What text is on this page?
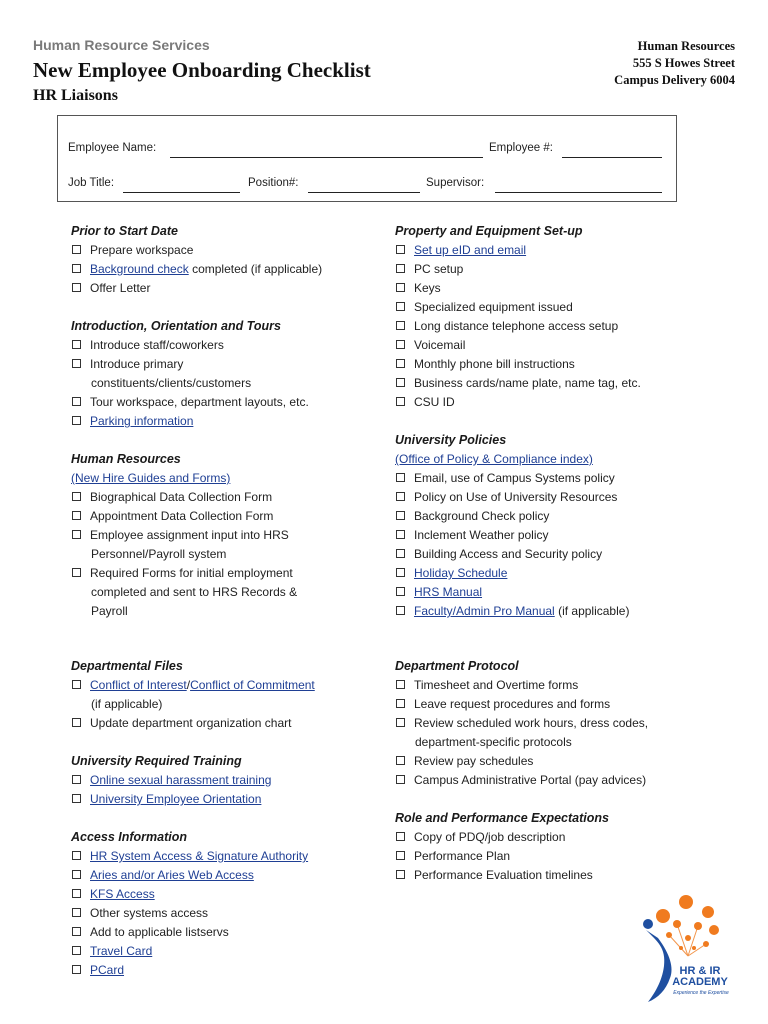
Human Resource Services
New Employee Onboarding Checklist
HR Liaisons
Human Resources
555 S Howes Street
Campus Delivery 6004
Employee Name:	Employee #:
Job Title:	Position#:	Supervisor:
Prior to Start Date
Prepare workspace
Background check completed (if applicable)
Offer Letter
Introduction, Orientation and Tours
Introduce staff/coworkers
Introduce primary
constituents/clients/customers
Tour workspace, department layouts, etc.
Parking information
Human Resources
(New Hire Guides and Forms)
Biographical Data Collection Form
Appointment Data Collection Form
Employee assignment input into HRS
Personnel/Payroll system
Required Forms for initial employment
completed and sent to HRS Records &
Payroll
Departmental Files
Conflict of Interest/Conflict of Commitment
(if applicable)
Update department organization chart
University Required Training
Online sexual harassment training
University Employee Orientation
Access Information
HR System Access & Signature Authority
Aries and/or Aries Web Access
KFS Access
Other systems access
Add to applicable listservs
Travel Card
PCard
Property and Equipment Set-up
Set up eID and email
PC setup
Keys
Specialized equipment issued
Long distance telephone access setup
Voicemail
Monthly phone bill instructions
Business cards/name plate, name tag, etc.
CSU ID
University Policies
(Office of Policy & Compliance index)
Email, use of Campus Systems policy
Policy on Use of University Resources
Background Check policy
Inclement Weather policy
Building Access and Security policy
Holiday Schedule
HRS Manual
Faculty/Admin Pro Manual (if applicable)
Department Protocol
Timesheet and Overtime forms
Leave request procedures and forms
Review scheduled work hours, dress codes,
department-specific protocols
Review pay schedules
Campus Administrative Portal (pay advices)
Role and Performance Expectations
Copy of PDQ/job description
Performance Plan
Performance Evaluation timelines
HR & IR
ACADEMY
Experience the Expertise
